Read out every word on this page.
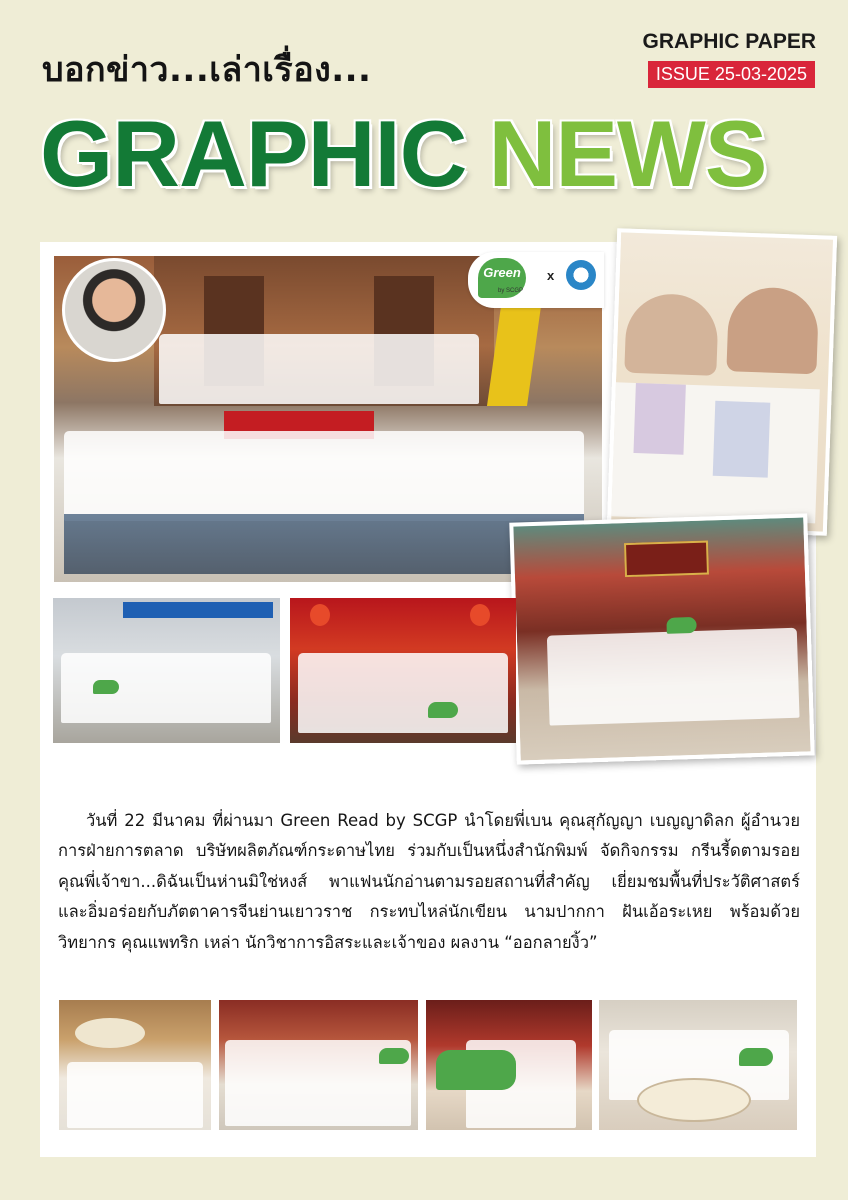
บอกข่าว...เล่าเรื่อง...
GRAPHIC PAPER
ISSUE 25-03-2025
GRAPHIC NEWS
Green Read
by SCGP
x

วันที่ 22 มีนาคม ที่ผ่านมา Green Read by SCGP นำโดยพี่เบน คุณสุกัญญา เบญญาดิลก ผู้อำนวยการฝ่ายการตลาด บริษัทผลิตภัณฑ์กระดาษไทย ร่วมกับเป็นหนึ่งสำนักพิมพ์ จัดกิจกรรม กรีนรี้ดตามรอย คุณพี่เจ้าขา...ดิฉันเป็นห่านมิใช่หงส์ พาแฟนนักอ่านตามรอยสถานที่สำคัญ เยี่ยมชมพื้นที่ประวัติศาสตร์ และอิ่มอร่อยกับภัตตาคารจีนย่านเยาวราช กระทบไหล่นักเขียน นามปากกา ฝันเอ้อระเหย พร้อมด้วยวิทยากร คุณแพทริก เหล่า นักวิชาการอิสระและเจ้าของ ผลงาน “ออกลายงิ้ว”
